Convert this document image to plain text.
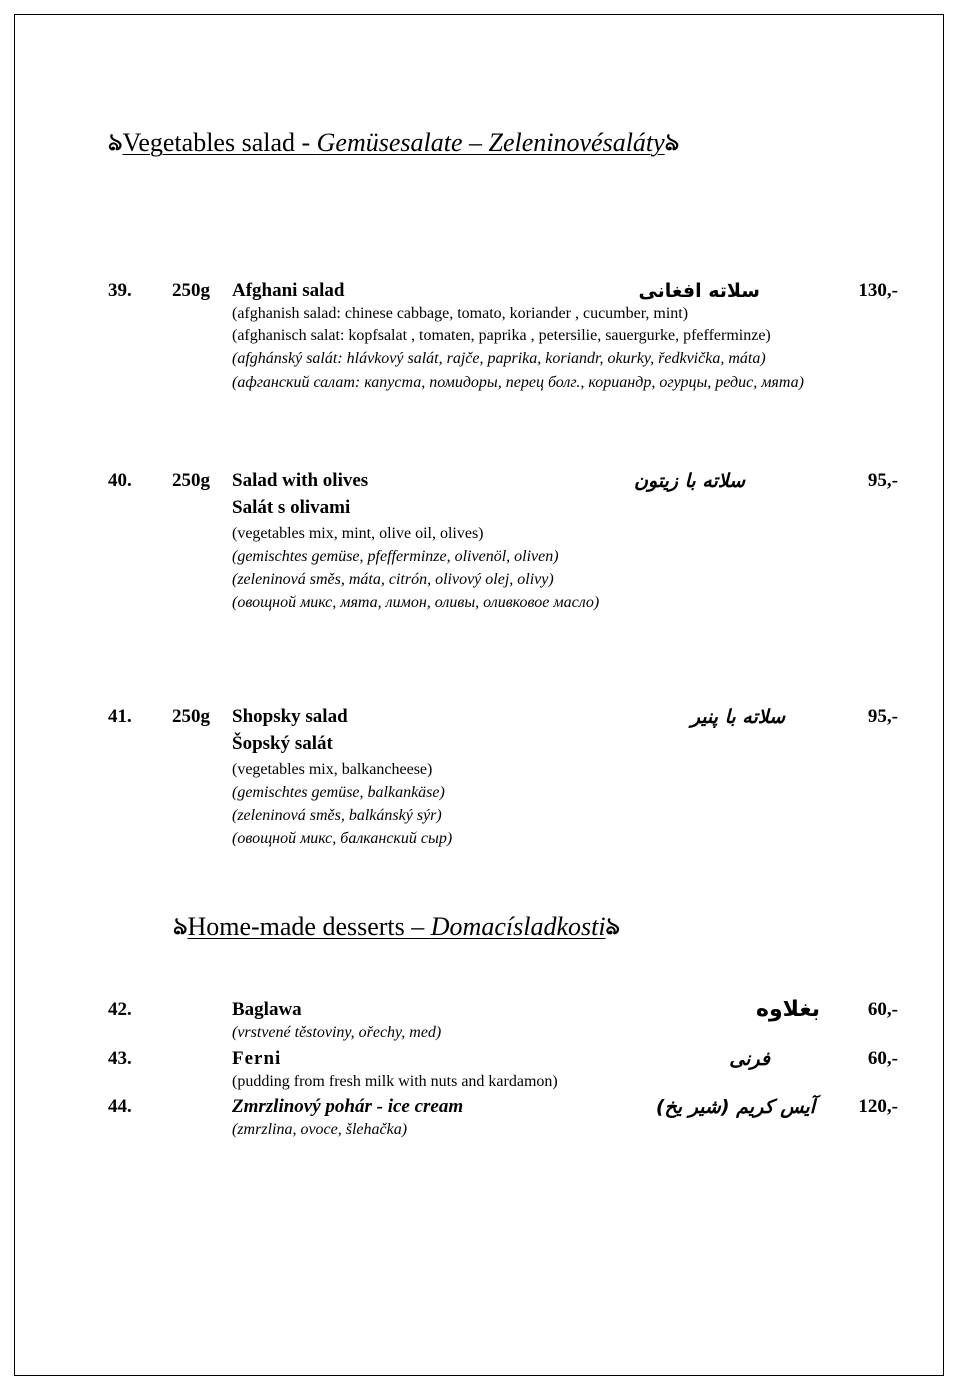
ঌVegetables salad - Gemüsesalate – Zeleninovésalátyঌ
39. 250g Afghani salad	سلاته افغانی	130,-
(afghanish salad: chinese cabbage, tomato, koriander , cucumber, mint)
(afghanisch salat: kopfsalat , tomaten, paprika , petersilie, sauergurke, pfefferminze)
(afghánský salát: hlávkový salát, rajče, paprika, koriandr, okurky, ředkvička, máta)
(афганский салат: капуста, помидоры, перец болг., кориандр, огурцы, редис, мята)
40. 250g Salad with olives	سلاته با زیتون	95,-
Salát s olivami
(vegetables mix, mint, olive oil, olives)
(gemischtes gemüse, pfefferminze, olivenöl, oliven)
(zeleninová směs, máta, citrón, olivový olej, olivy)
(овощной микс, мята, лимон, оливы, оливковое масло)
41. 250g Shopsky salad	سلاته با پنیر	95,-
Šopský salát
(vegetables mix, balkancheese)
(gemischtes gemüse, balkankäse)
(zeleninová směs, balkánský sýr)
(овощной микс, балканский сыр)
ঌHome-made desserts – Domacísladkostiঌ
42.	Baglawa	بغلاوه	60,-
(vrstvené těstoviny, ořechy, med)
43.	Ferni	فرنی	60,-
(pudding from fresh milk with nuts and kardamon)
44.	Zmrzlinový pohár - ice cream	آیس کریم (شیر یخ) 120,-
(zmrzlina, ovoce, šlehačka)
